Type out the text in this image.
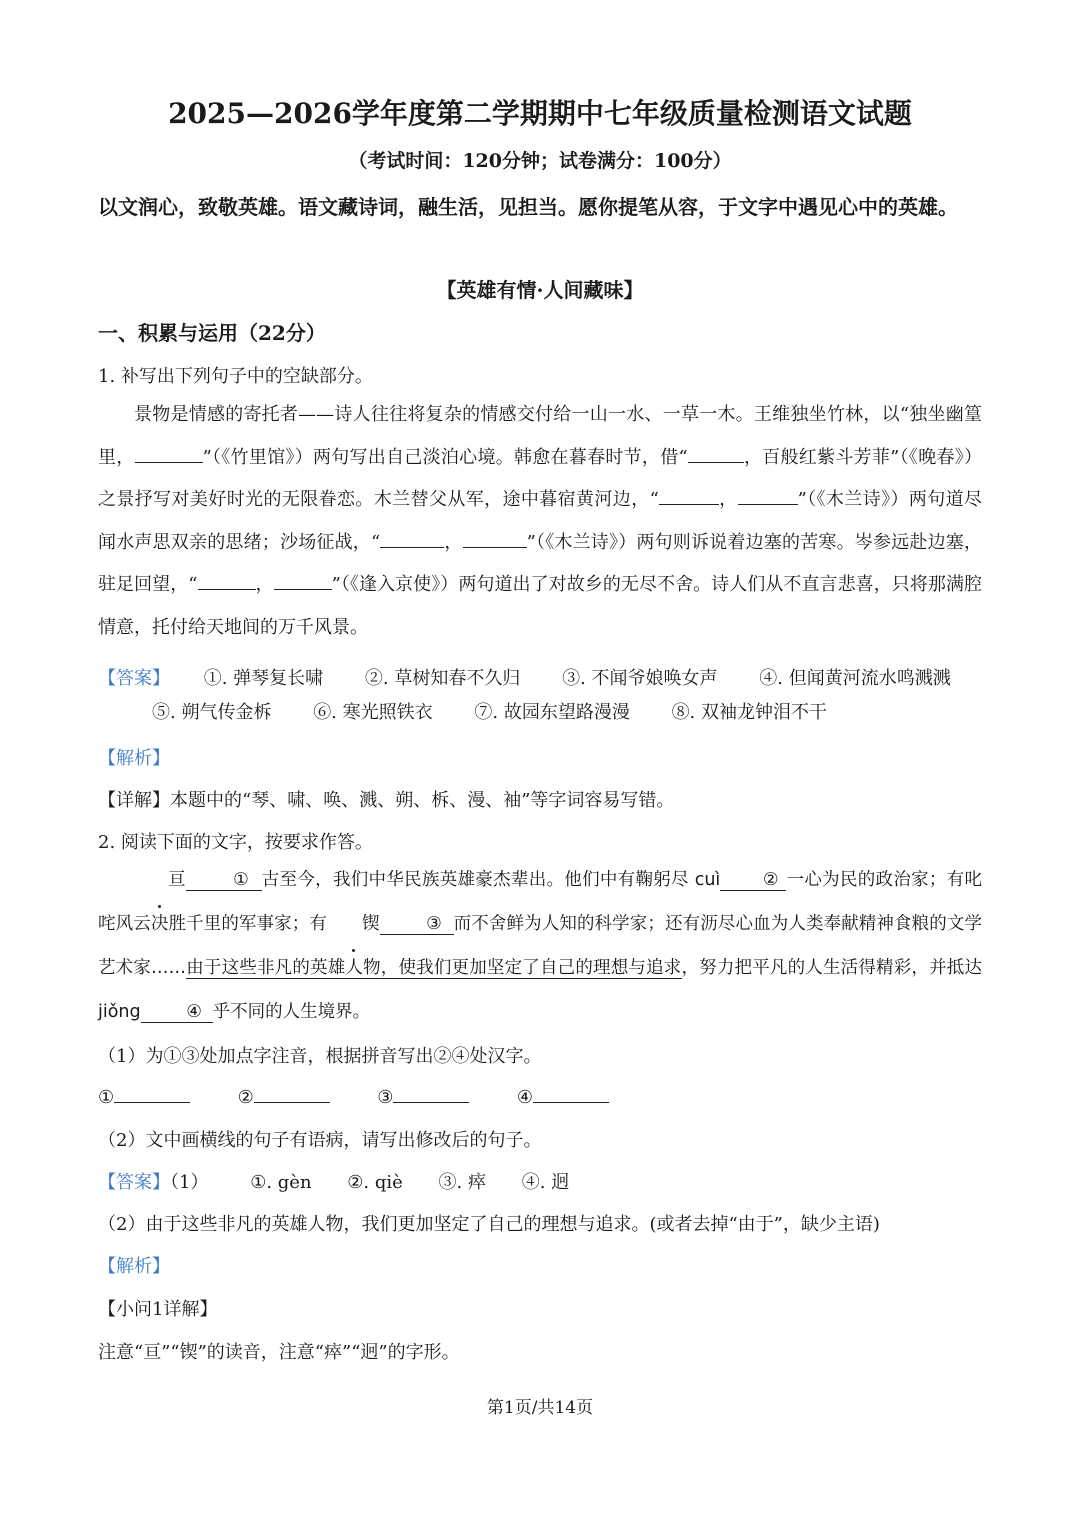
2025—2026学年度第二学期期中七年级质量检测语文试题

（考试时间：120分钟；试卷满分：100分）

以文润心，致敬英雄。语文藏诗词，融生活，见担当。愿你提笔从容，于文字中遇见心中的英雄。

【英雄有情·人间藏味】

一、积累与运用（22分）

1. 补写出下列句子中的空缺部分。

景物是情感的寄托者——诗人往往将复杂的情感交付给一山一水、一草一木。王维独坐竹林，以“独坐幽篁里，	”（《竹里馆》）两句写出自己淡泊心境。韩愈在暮春时节，借“	，百般红紫斗芳菲”（《晚春》）之景抒写对美好时光的无限眷恋。木兰替父从军，途中暮宿黄河边，“	，	”（《木兰诗》）两句道尽闻水声思双亲的思绪；沙场征战，“	，	”（《木兰诗》）两句则诉说着边塞的苦寒。岑参远赴边塞，驻足回望，“	，	”（《逢入京使》）两句道出了对故乡的无尽不舍。诗人们从不直言悲喜，只将那满腔情意，托付给天地间的万千风景。

【答案】 ①. 弹琴复长啸 ②. 草树知春不久归 ③. 不闻爷娘唤女声 ④. 但闻黄河流水鸣溅溅
⑤. 朔气传金柝 ⑥. 寒光照铁衣 ⑦. 故园东望路漫漫 ⑧. 双袖龙钟泪不干

【解析】

【详解】本题中的“琴、啸、唤、溅、朔、柝、漫、袖”等字词容易写错。

2. 阅读下面的文字，按要求作答。

亘	① 古至今，我们中华民族英雄豪杰辈出。他们中有鞠躬尽 cuì ② 一心为民的政治家；有叱咤风云决胜千里的军事家；有 锲	③ 而不舍鲜为人知的科学家；还有沥尽心血为人类奉献精神食粮的文学艺术家……由于这些非凡的英雄人物，使我们更加坚定了自己的理想与追求，努力把平凡的人生活得精彩，并抵达 jiǒng	④ 乎不同的人生境界。

（1）为①③处加点字注音，根据拼音写出②④处汉字。

①	②	③	④

（2）文中画横线的句子有语病，请写出修改后的句子。

【答案】（1） ①. gèn ②. qiè ③. 瘁 ④. 迥

（2）由于这些非凡的英雄人物，我们更加坚定了自己的理想与追求。(或者去掉“由于”，缺少主语)

【解析】

【小问1详解】

注意“亘”“锲”的读音，注意“瘁”“迥”的字形。

第1页/共14页
